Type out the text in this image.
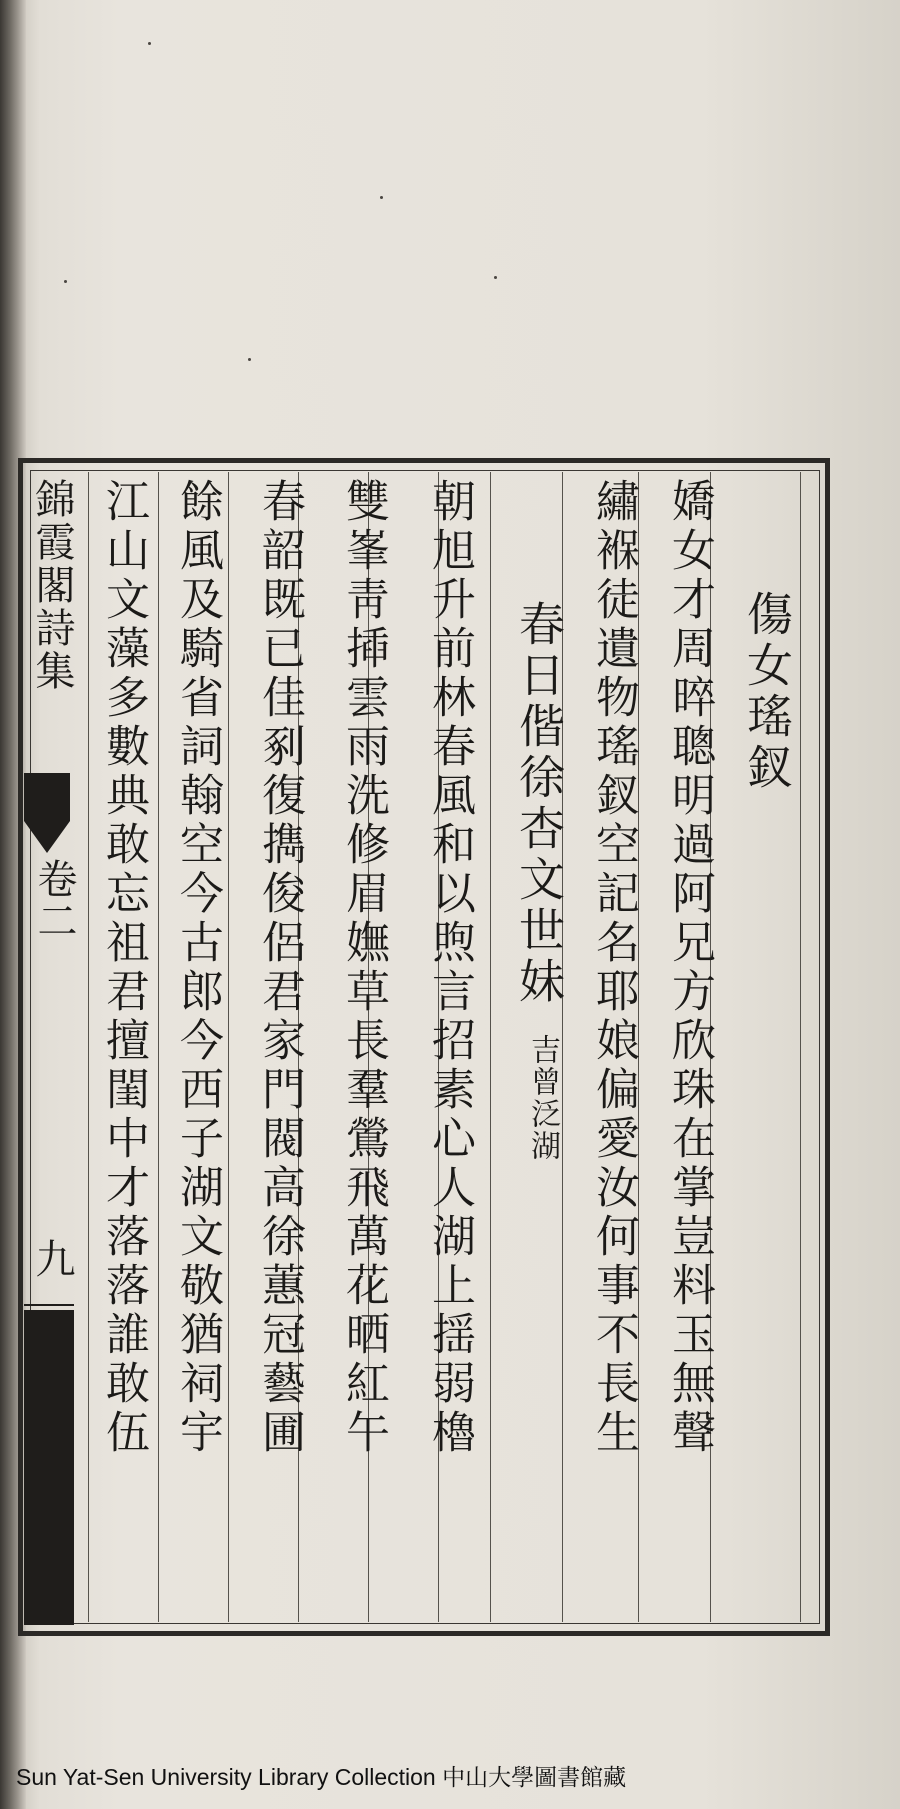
傷女瑤釵
嬌女才周晬聰明過阿兄方欣珠在掌豈料玉無聲
繡褓徒遺物瑤釵空記名耶娘偏愛汝何事不長生
春日偕徐杏文世妹
吉曾泛湖
朝旭升前林春風和以煦言招素心人湖上揺弱櫓
雙峯靑揷雲雨洗修眉嫵草長羣鶯飛萬花晒紅午
春韶既已佳剢復擕俊侶君家門閥高徐蕙冠藝圃
餘風及騎省詞翰空今古郎今西子湖文敬猶祠宇
江山文藻多數典敢忘祖君擅閨中才落落誰敢伍
錦霞閣詩集
卷二
九
Sun Yat-Sen University Library Collection 中山大學圖書館藏
